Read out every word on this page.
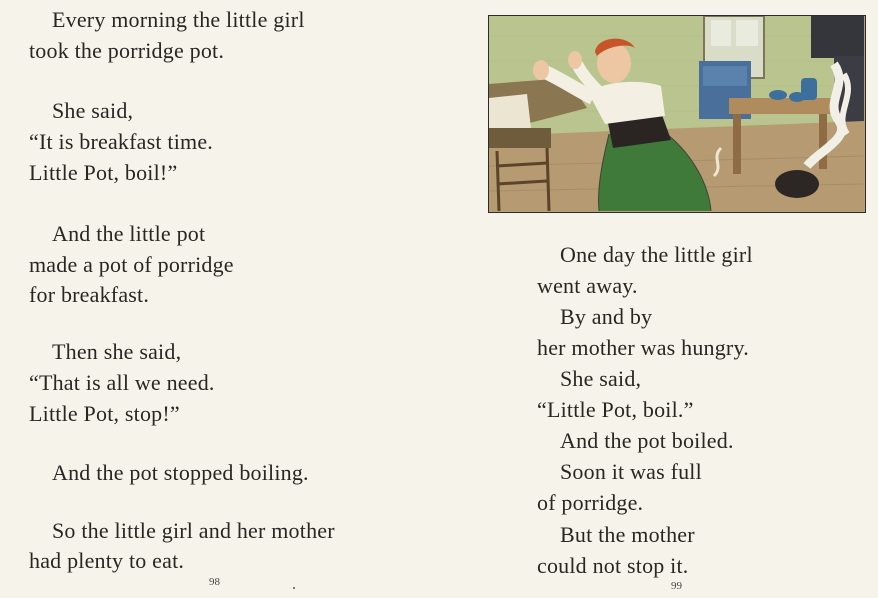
Every morning the little girl
took the porridge pot.
She said,
“It is breakfast time.
Little Pot, boil!”
And the little pot
made a pot of porridge
for breakfast.
Then she said,
“That is all we need.
Little Pot, stop!”
And the pot stopped boiling.
So the little girl and her mother
had plenty to eat.
98
One day the little girl
went away.
By and by
her mother was hungry.
She said,
“Little Pot, boil.”
And the pot boiled.
Soon it was full
of porridge.
But the mother
could not stop it.
99
